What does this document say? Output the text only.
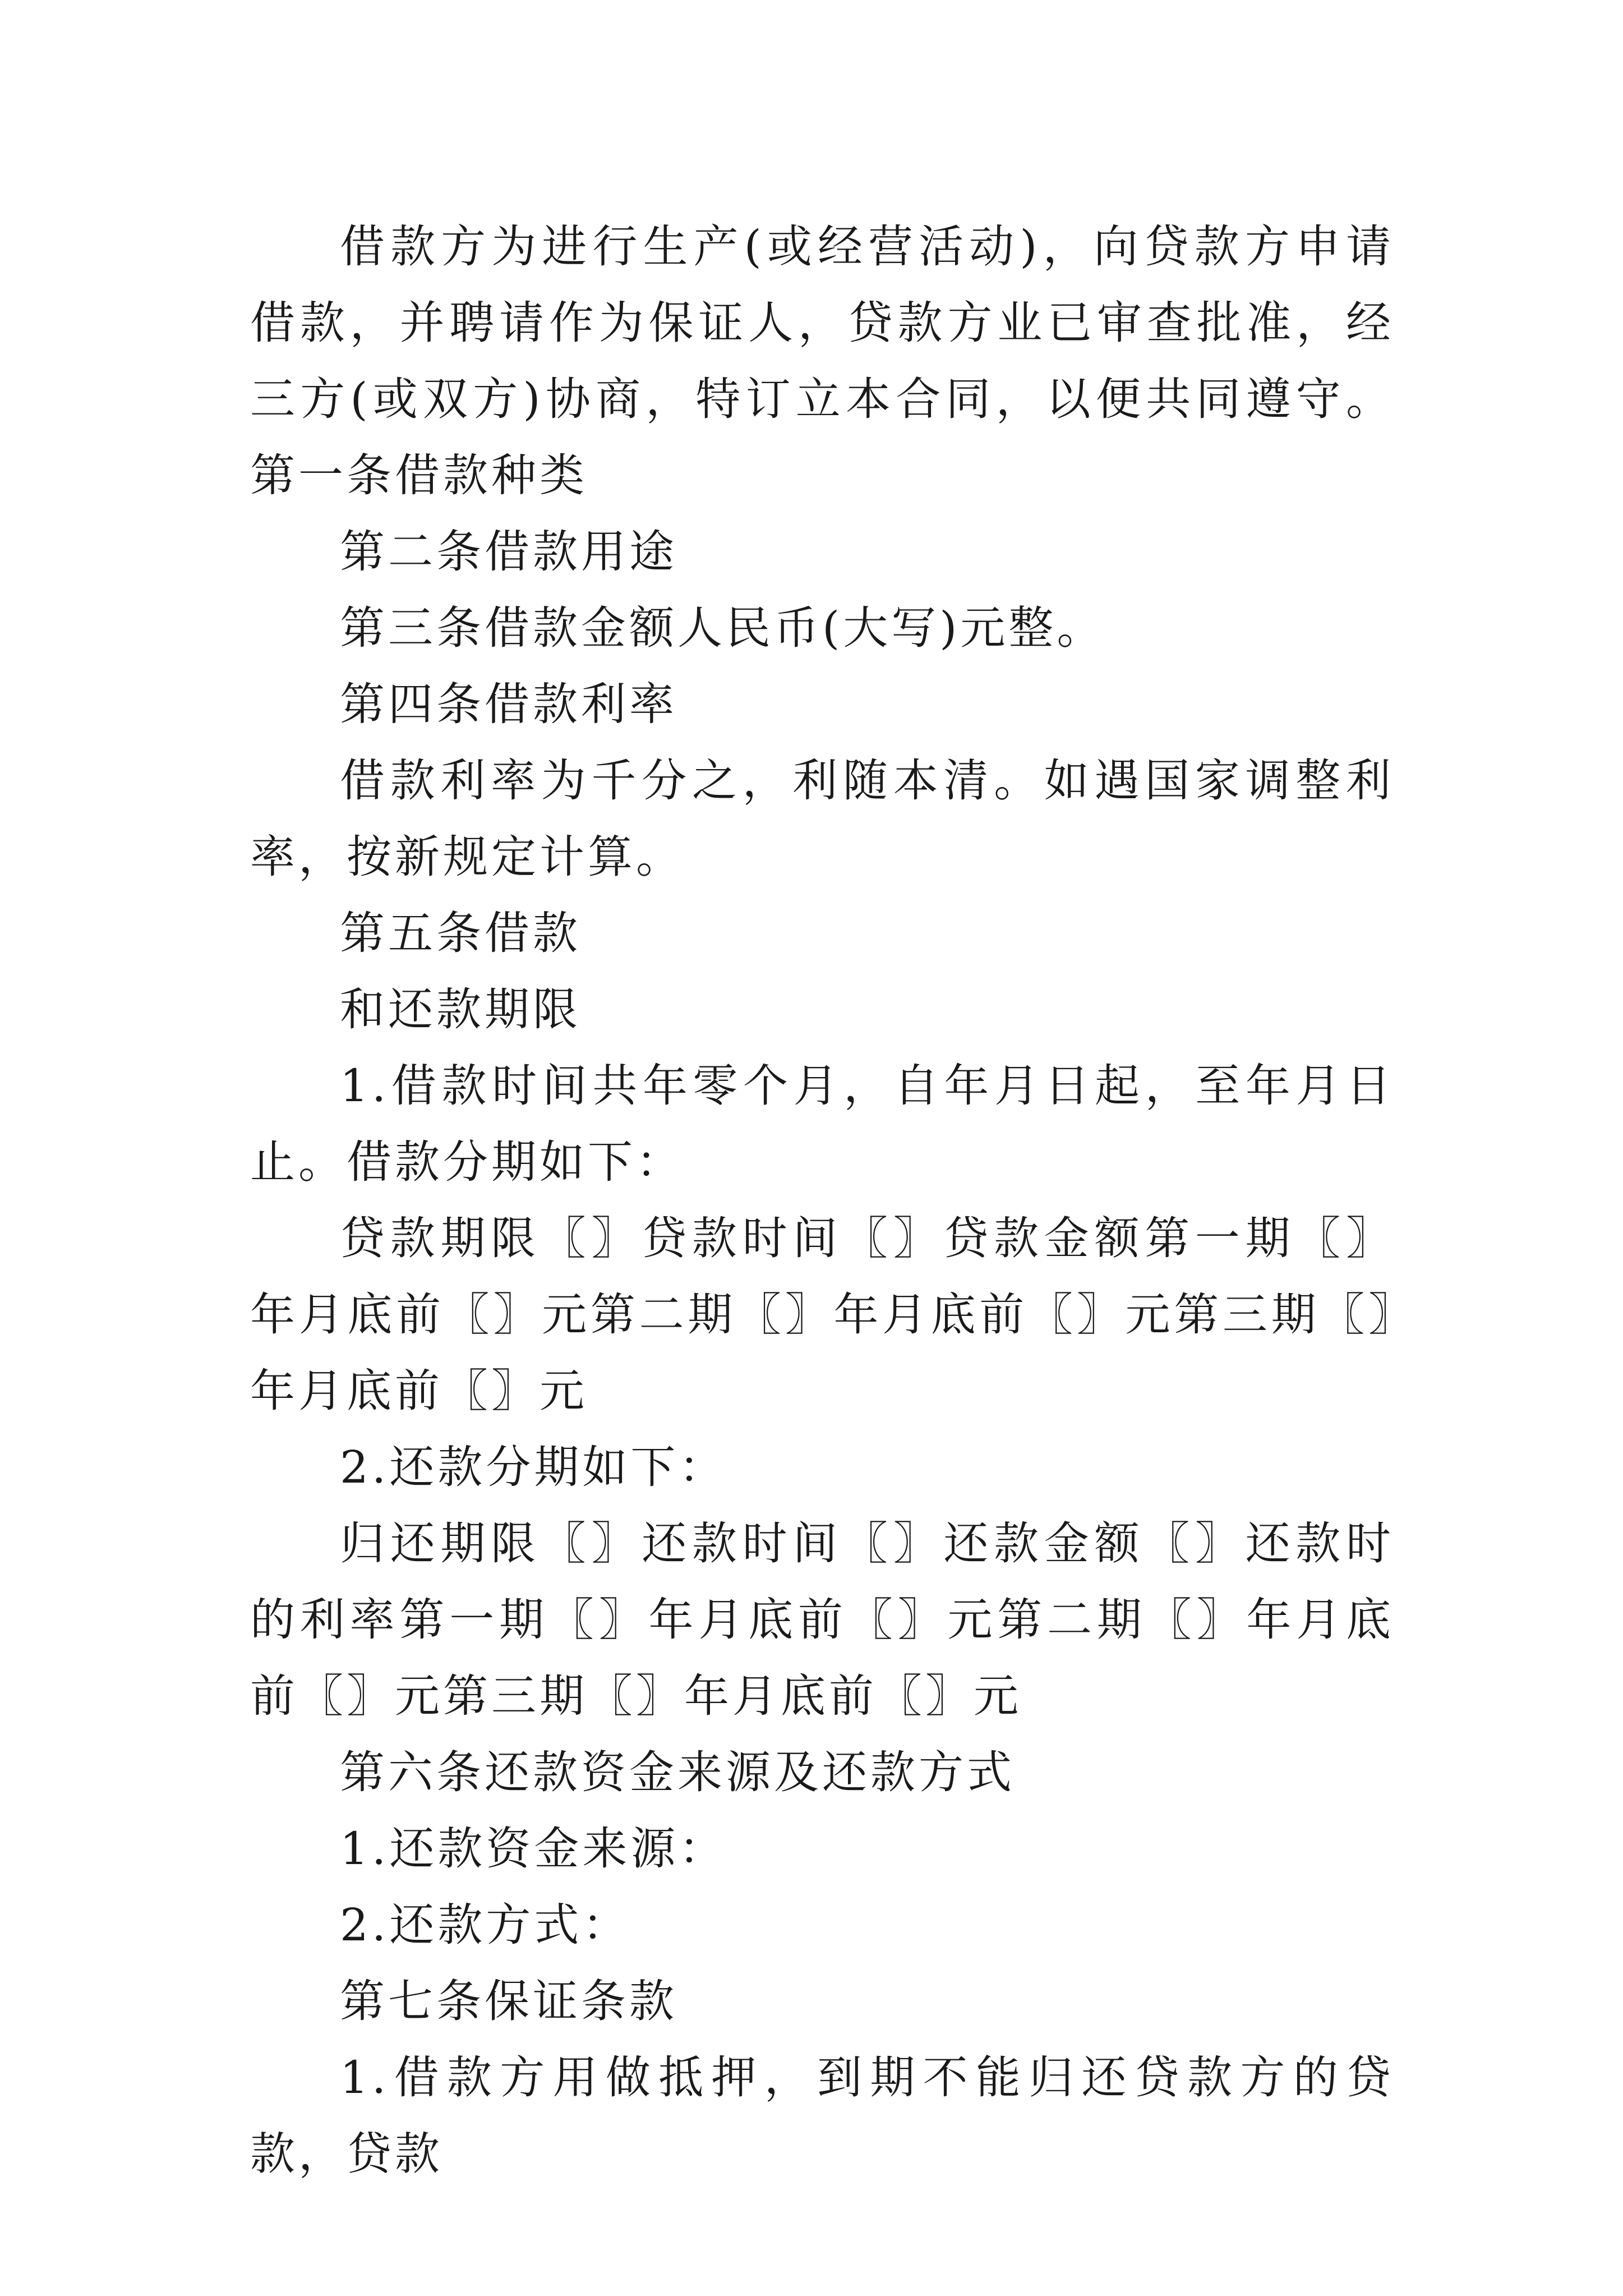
借款方为进行生产(或经营活动)，向贷款方申请借款，并聘请作为保证人，贷款方业已审查批准，经三方(或双方)协商，特订立本合同，以便共同遵守。第一条借款种类

第二条借款用途

第三条借款金额人民币(大写)元整。

第四条借款利率

借款利率为千分之，利随本清。如遇国家调整利率，按新规定计算。

第五条借款

和还款期限

1.借款时间共年零个月，自年月日起，至年月日止。借款分期如下：

贷款期限〖〗贷款时间〖〗贷款金额第一期〖〗年月底前〖〗元第二期〖〗年月底前〖〗元第三期〖〗年月底前〖〗元

2.还款分期如下：

归还期限〖〗还款时间〖〗还款金额〖〗还款时的利率第一期〖〗年月底前〖〗元第二期〖〗年月底前〖〗元第三期〖〗年月底前〖〗元

第六条还款资金来源及还款方式

1.还款资金来源：

2.还款方式：

第七条保证条款

1.借款方用做抵押，到期不能归还贷款方的贷款，贷款
